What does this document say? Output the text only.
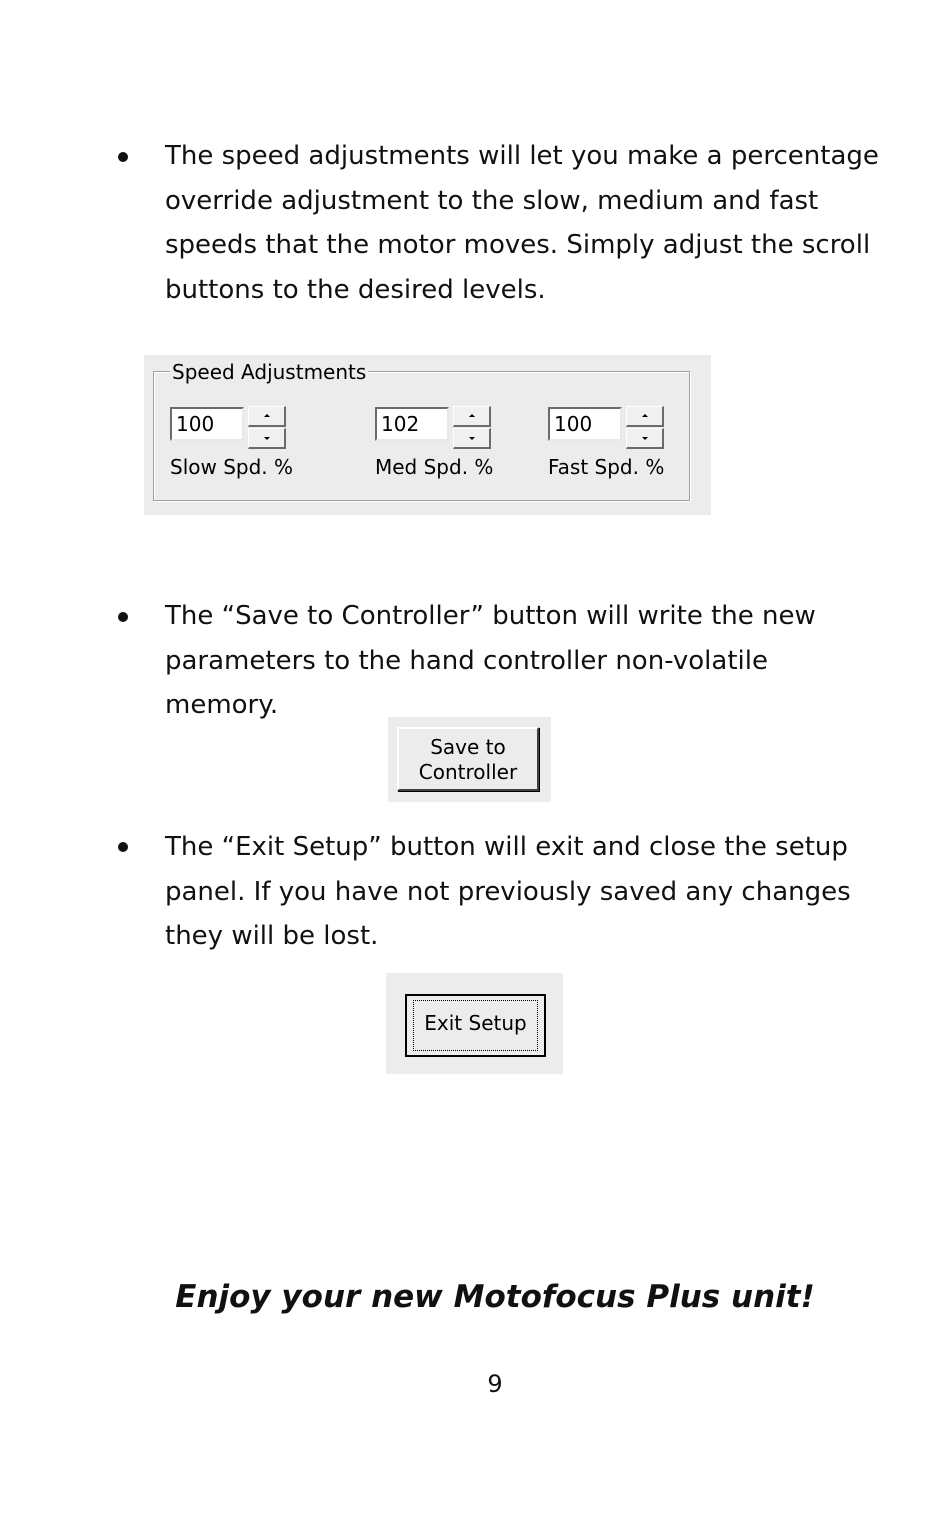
The speed adjustments will let you make a percentage
override adjustment to the slow, medium and fast
speeds that the motor moves. Simply adjust the scroll
buttons to the desired levels.
Speed Adjustments
100
Slow Spd. %
102
Med Spd. %
100
Fast Spd. %
The “Save to Controller” button will write the new
parameters to the hand controller non-volatile
memory.
Save to
Controller
The “Exit Setup” button will exit and close the setup
panel. If you have not previously saved any changes
they will be lost.
Exit Setup
Enjoy your new Motofocus Plus unit!
9
